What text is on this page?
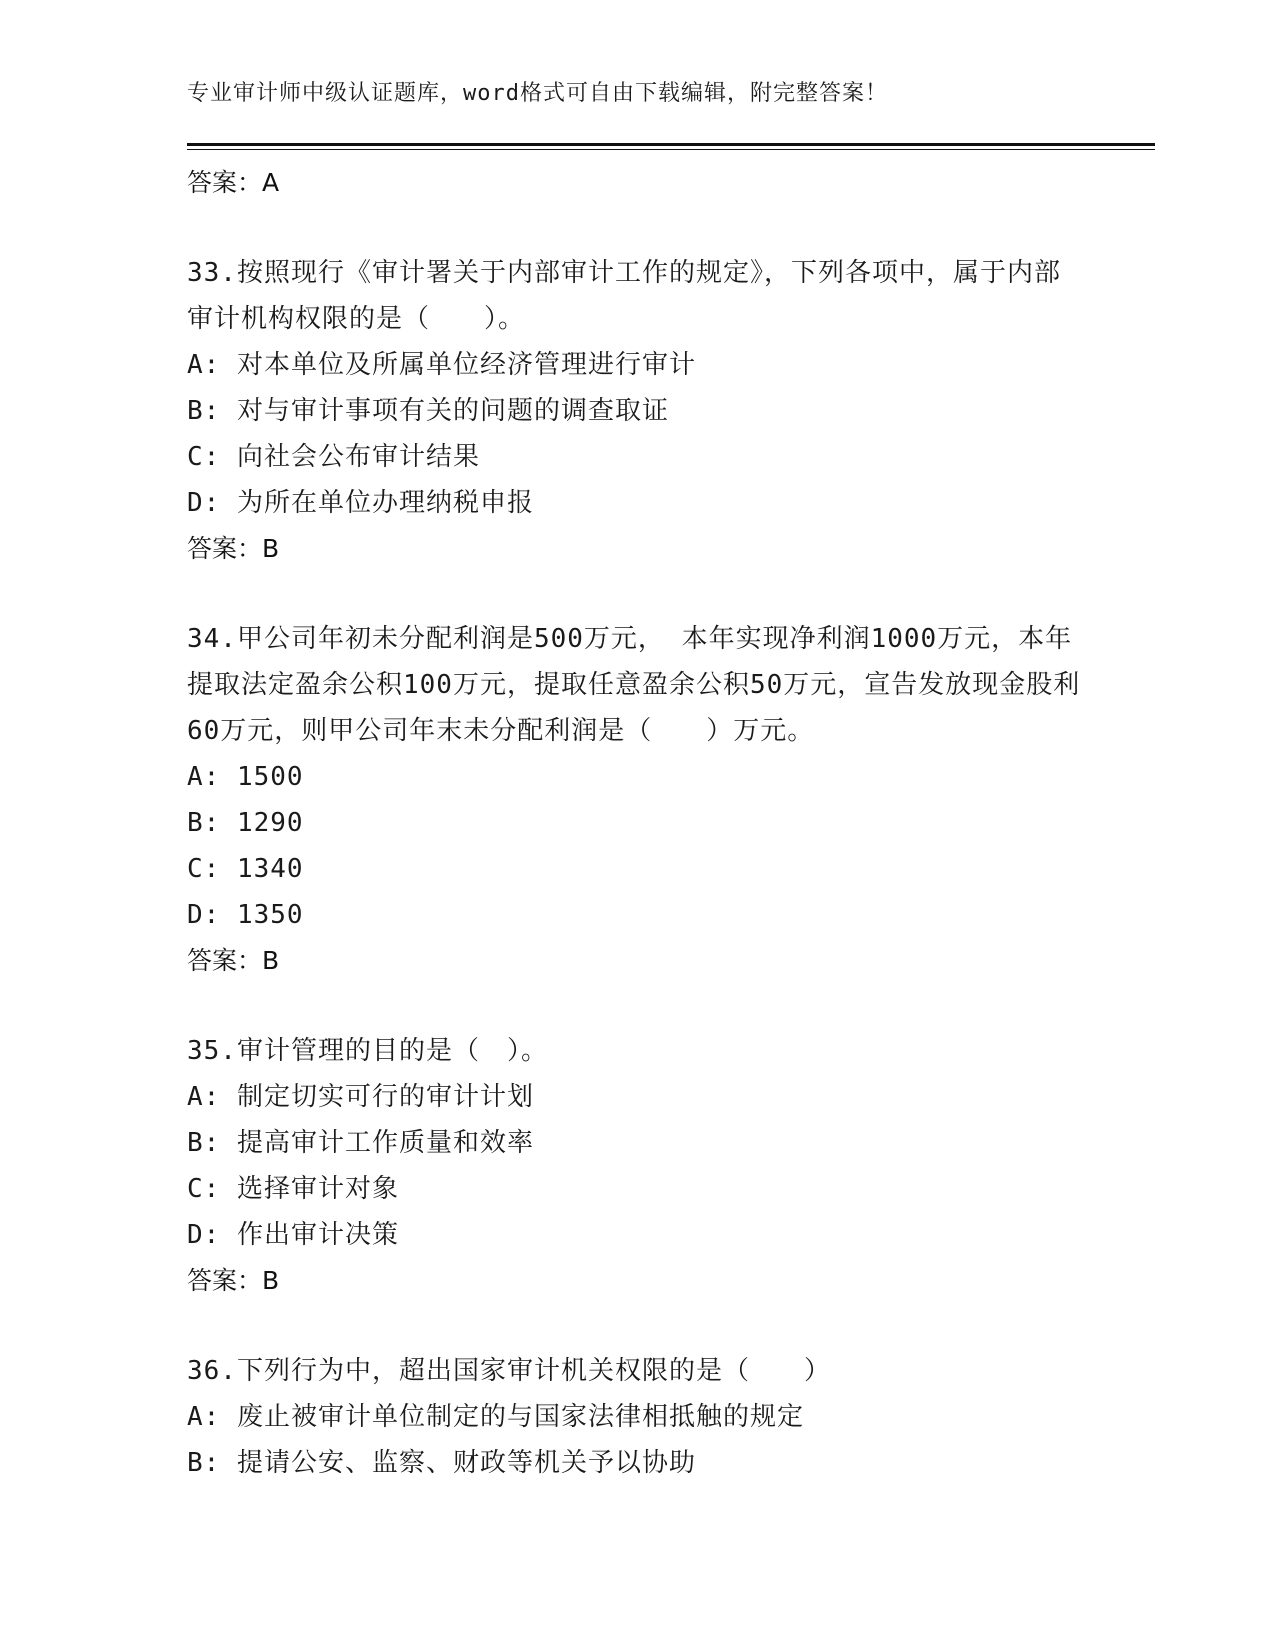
专业审计师中级认证题库，word格式可自由下载编辑，附完整答案！
答案：A
33.按照现行《审计署关于内部审计工作的规定》，下列各项中，属于内部审计机构权限的是（　　）。
A: 对本单位及所属单位经济管理进行审计
B: 对与审计事项有关的问题的调查取证
C: 向社会公布审计结果
D: 为所在单位办理纳税申报
答案：B
34.甲公司年初未分配利润是500万元， 本年实现净利润1000万元，本年提取法定盈余公积100万元，提取任意盈余公积50万元，宣告发放现金股利60万元，则甲公司年末未分配利润是（　　）万元。
A: 1500
B: 1290
C: 1340
D: 1350
答案：B
35.审计管理的目的是（　）。
A: 制定切实可行的审计计划
B: 提高审计工作质量和效率
C: 选择审计对象
D: 作出审计决策
答案：B
36.下列行为中，超出国家审计机关权限的是（　　）
A: 废止被审计单位制定的与国家法律相抵触的规定
B: 提请公安、监察、财政等机关予以协助
